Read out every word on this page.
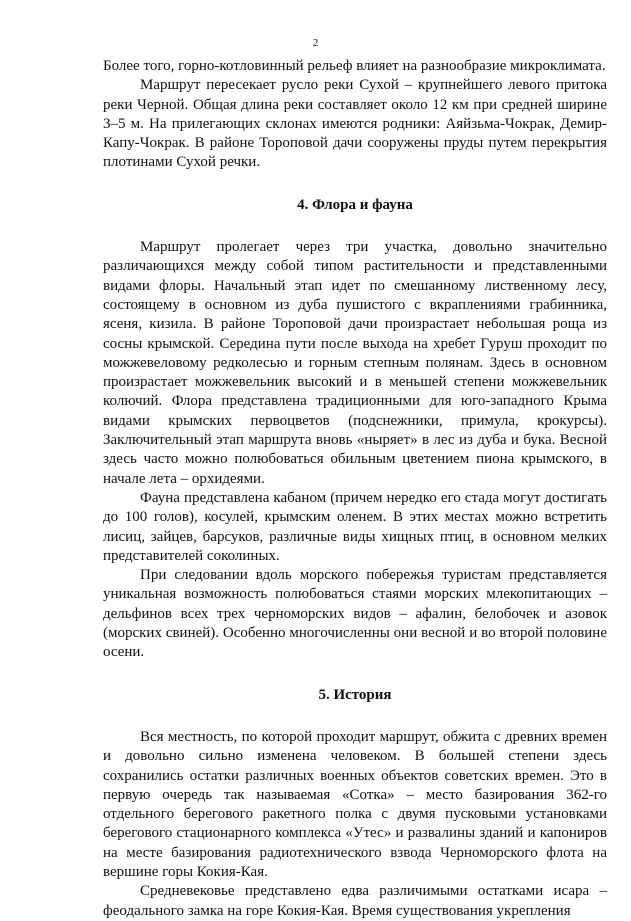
2

Более того, горно-котловинный рельеф влияет на разнообразие микроклимата.

Маршрут пересекает русло реки Сухой – крупнейшего левого притока реки Черной. Общая длина реки составляет около 12 км при средней ширине 3–5 м. На прилегающих склонах имеются родники: Аяйзьма-Чокрак, Демир-Капу-Чокрак. В районе Тороповой дачи сооружены пруды путем перекрытия плотинами Сухой речки.

4. Флора и фауна

Маршрут пролегает через три участка, довольно значительно различающихся между собой типом растительности и представленными видами флоры. Начальный этап идет по смешанному лиственному лесу, состоящему в основном из дуба пушистого с вкраплениями грабинника, ясеня, кизила. В районе Тороповой дачи произрастает небольшая роща из сосны крымской. Середина пути после выхода на хребет Гуруш проходит по можжевеловому редколесью и горным степным полянам. Здесь в основном произрастает можжевельник высокий и в меньшей степени можжевельник колючий. Флора представлена традиционными для юго-западного Крыма видами крымских первоцветов (подснежники, примула, крокурсы). Заключительный этап маршрута вновь «ныряет» в лес из дуба и бука. Весной здесь часто можно полюбоваться обильным цветением пиона крымского, в начале лета – орхидеями.

Фауна представлена кабаном (причем нередко его стада могут достигать до 100 голов), косулей, крымским оленем. В этих местах можно встретить лисиц, зайцев, барсуков, различные виды хищных птиц, в основном мелких представителей соколиных.

При следовании вдоль морского побережья туристам представляется уникальная возможность полюбоваться стаями морских млекопитающих – дельфинов всех трех черноморских видов – афалин, белобочек и азовок (морских свиней). Особенно многочисленны они весной и во второй половине осени.

5. История

Вся местность, по которой проходит маршрут, обжита с древних времен и довольно сильно изменена человеком. В большей степени здесь сохранились остатки различных военных объектов советских времен. Это в первую очередь так называемая «Сотка» – место базирования 362-го отдельного берегового ракетного полка с двумя пусковыми установками берегового стационарного комплекса «Утес» и развалины зданий и капониров на месте базирования радиотехнического взвода Черноморского флота на вершине горы Кокия-Кая.

Средневековье представлено едва различимыми остатками исара – феодального замка на горе Кокия-Кая. Время существования укрепления
